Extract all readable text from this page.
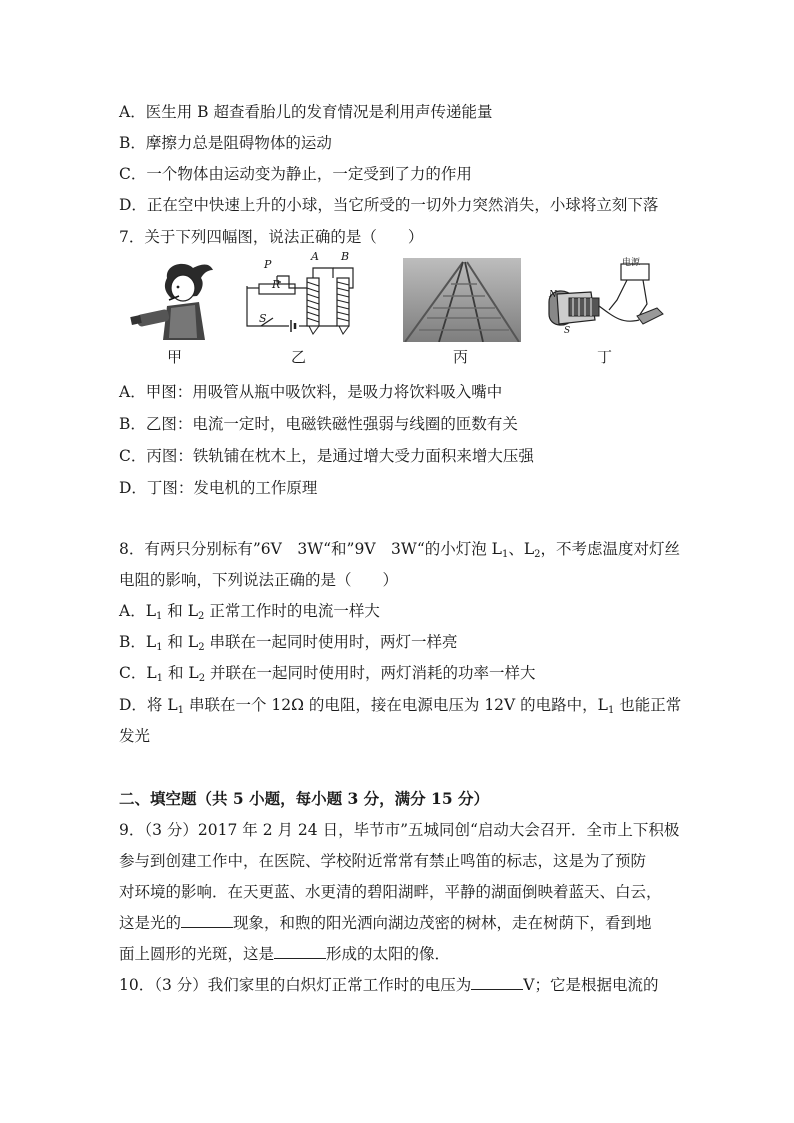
A．医生用 B 超查看胎儿的发育情况是利用声传递能量
B．摩擦力总是阻碍物体的运动
C．一个物体由运动变为静止，一定受到了力的作用
D．正在空中快速上升的小球，当它所受的一切外力突然消失，小球将立刻下落
7．关于下列四幅图，说法正确的是（　　）
甲
P
R
A B
S
乙	丙
电源
N
S
丁
A．甲图：用吸管从瓶中吸饮料，是吸力将饮料吸入嘴中
B．乙图：电流一定时，电磁铁磁性强弱与线圈的匝数有关
C．丙图：铁轨铺在枕木上，是通过增大受力面积来增大压强
D．丁图：发电机的工作原理
8．有两只分别标有”6V　3W“和”9V　3W“的小灯泡 $L_1$、$L_2$，不考虑温度对灯丝
电阻的影响，下列说法正确的是（　　）
A．$L_1$ 和 $L_2$ 正常工作时的电流一样大
B．$L_1$ 和 $L_2$ 串联在一起同时使用时，两灯一样亮
C．$L_1$ 和 $L_2$ 并联在一起同时使用时，两灯消耗的功率一样大
D．将 $L_1$ 串联在一个 12Ω 的电阻，接在电源电压为 12V 的电路中，$L_1$ 也能正常
发光
二、填空题（共 5 小题，每小题 3 分，满分 15 分）
9．（3 分）2017 年 2 月 24 日，毕节市”五城同创“启动大会召开．全市上下积极
参与到创建工作中，在医院、学校附近常常有禁止鸣笛的标志，这是为了预防
对环境的影响．在天更蓝、水更清的碧阳湖畔，平静的湖面倒映着蓝天、白云，
这是光的	现象，和煦的阳光洒向湖边茂密的树林，走在树荫下，看到地
面上圆形的光斑，这是	形成的太阳的像．
10．（3 分）我们家里的白炽灯正常工作时的电压为	V；它是根据电流的
